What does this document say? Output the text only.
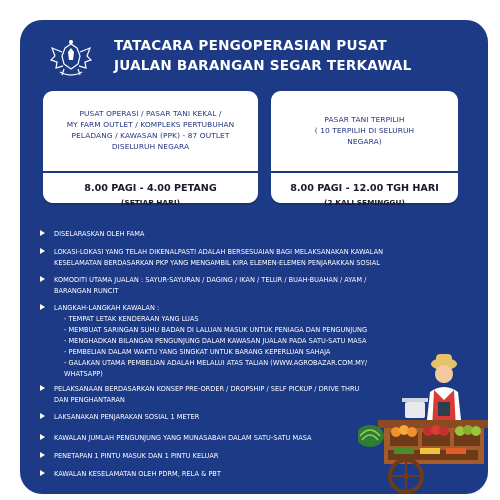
TATACARA PENGOPERASIAN PUSAT
JUALAN BARANGAN SEGAR TERKAWAL
PUSAT OPERASI / PASAR TANI KEKAL /
MY FARM OUTLET / KOMPLEKS PERTUBUHAN
PELADANG / KAWASAN (PPK) - 87 OUTLET
DISELURUH NEGARA
8.00 PAGI - 4.00 PETANG
(SETIAP HARI)
PASAR TANI TERPILIH
( 10 TERPILIH DI SELURUH
NEGARA)
8.00 PAGI - 12.00 TGH HARI
(2 KALI SEMINGGU)
DISELARASKAN OLEH FAMA
LOKASI-LOKASI YANG TELAH DIKENALPASTI ADALAH BERSESUAIAN BAGI MELAKSANAKAN KAWALAN
KESELAMATAN BERDASARKAN PKP YANG MENGAMBIL KIRA ELEMEN-ELEMEN PENJARAKKAN SOSIAL
KOMODITI UTAMA JUALAN : SAYUR-SAYURAN / DAGING / IKAN / TELUR / BUAH-BUAHAN / AYAM /
BARANGAN RUNCIT
LANGKAH-LANGKAH KAWALAN :
- TEMPAT LETAK KENDERAAN YANG LUAS
- MEMBUAT SARINGAN SUHU BADAN DI LALUAN MASUK UNTUK PENIAGA DAN PENGUNJUNG
- MENGHADKAN BILANGAN PENGUNJUNG DALAM KAWASAN JUALAN PADA SATU-SATU MASA
- PEMBELIAN DALAM WAKTU YANG SINGKAT UNTUK BARANG KEPERLUAN SAHAJA
- GALAKAN UTAMA PEMBELIAN ADALAH MELALUI ATAS TALIAN (WWW.AGROBAZAR.COM.MY/ WHATSAPP)
PELAKSANAAN BERDASARKAN KONSEP PRE-ORDER / DROPSHIP / SELF PICKUP / DRIVE THRU
DAN PENGHANTARAN
LAKSANAKAN PENJARAKAN SOSIAL 1 METER
KAWALAN JUMLAH PENGUNJUNG YANG MUNASABAH DALAM SATU-SATU MASA
PENETAPAN 1 PINTU MASUK DAN 1 PINTU KELUAR
KAWALAN KESELAMATAN OLEH PDRM, RELA & PBT
